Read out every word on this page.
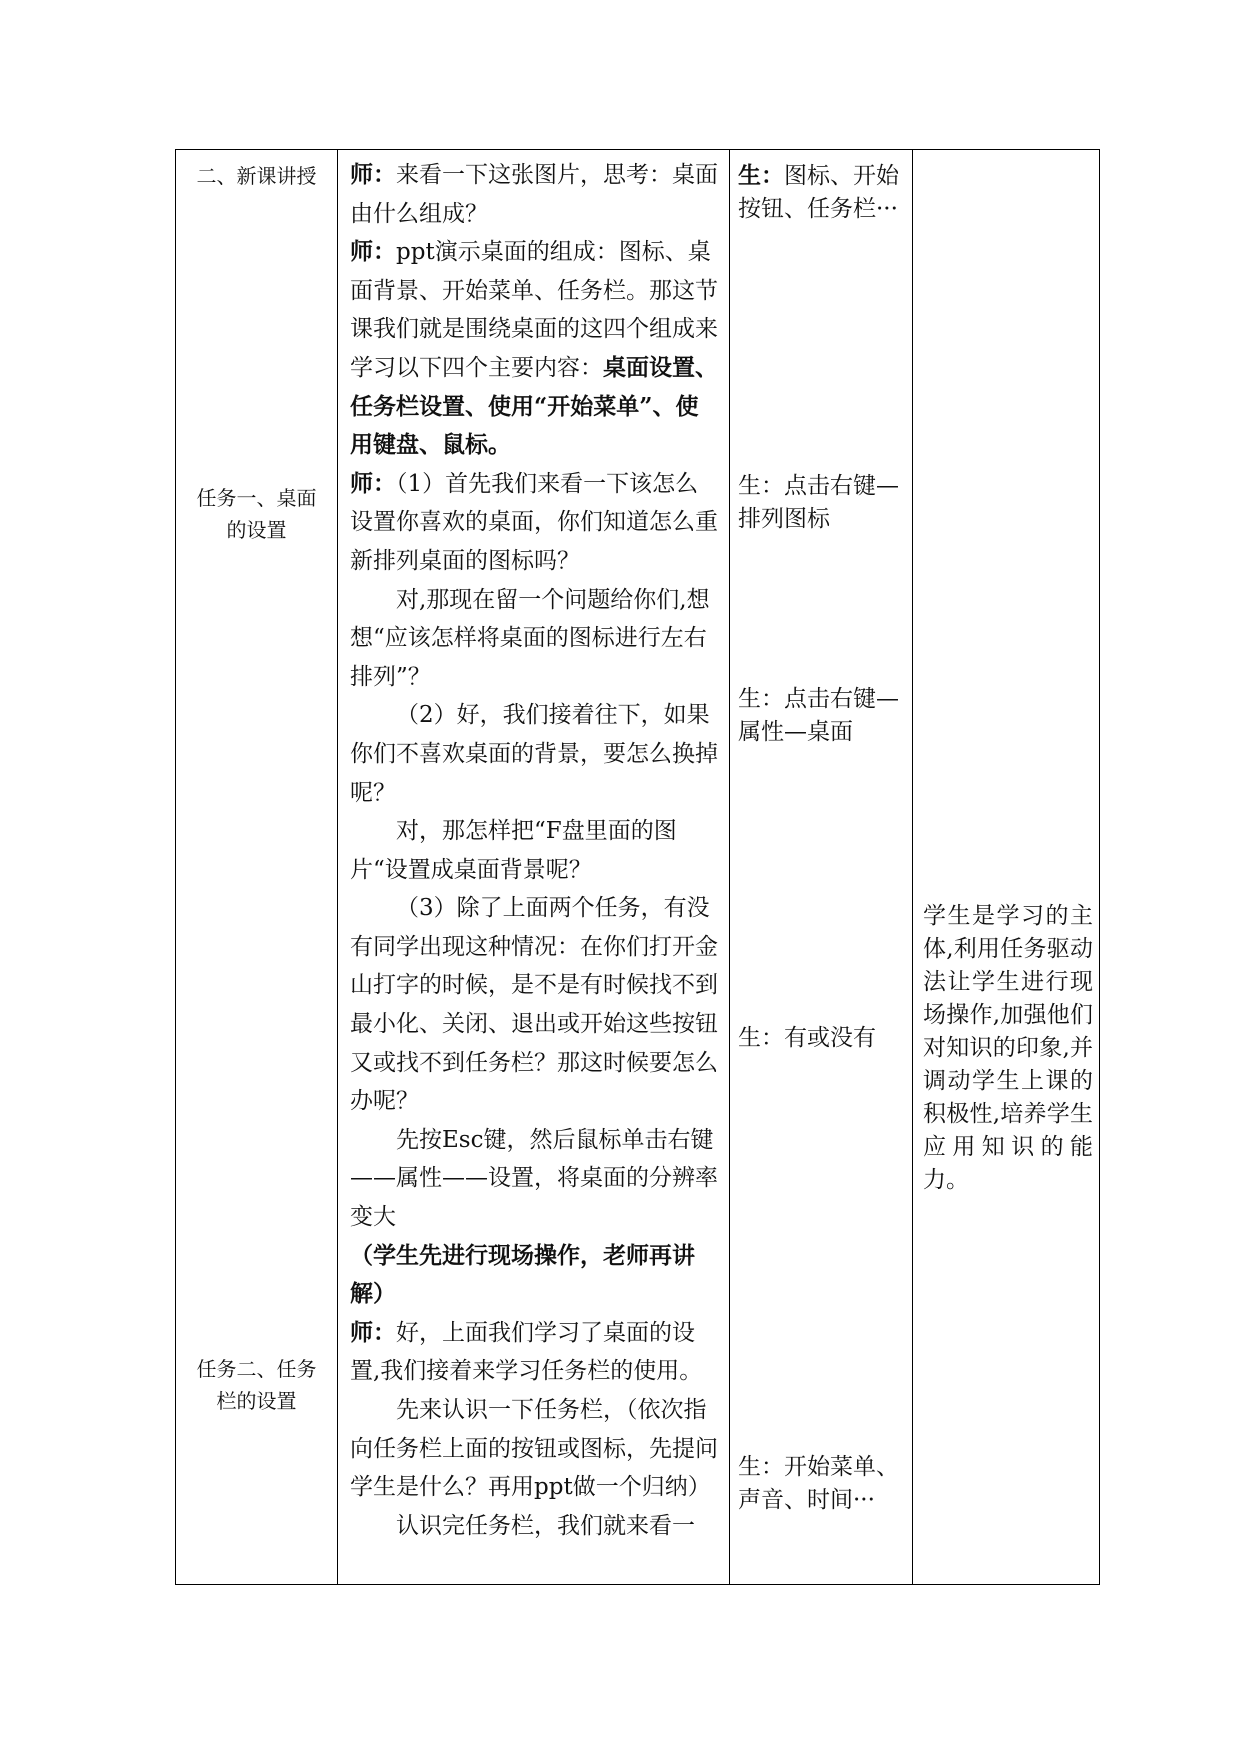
二、新课讲授
任务一、桌面的设置
任务二、任务栏的设置

师：来看一下这张图片，思考：桌面由什么组成？

师：ppt演示桌面的组成：图标、桌面背景、开始菜单、任务栏。那这节课我们就是围绕桌面的这四个组成来学习以下四个主要内容：桌面设置、任务栏设置、使用“开始菜单”、使用键盘、鼠标。

师：（1）首先我们来看一下该怎么设置你喜欢的桌面，你们知道怎么重新排列桌面的图标吗？

对,那现在留一个问题给你们,想想“应该怎样将桌面的图标进行左右排列”？

（2）好，我们接着往下，如果你们不喜欢桌面的背景，要怎么换掉呢？

对，那怎样把“F盘里面的图片“设置成桌面背景呢？

（3）除了上面两个任务，有没有同学出现这种情况：在你们打开金山打字的时候，是不是有时候找不到最小化、关闭、退出或开始这些按钮又或找不到任务栏？那这时候要怎么办呢？

先按Esc键，然后鼠标单击右键——属性——设置，将桌面的分辨率变大

（学生先进行现场操作，老师再讲解）

师：好，上面我们学习了桌面的设置,我们接着来学习任务栏的使用。

先来认识一下任务栏，（依次指向任务栏上面的按钮或图标，先提问学生是什么？再用ppt做一个归纳）

认识完任务栏，我们就来看一

生：图标、开始按钮、任务栏···
生：点击右键—排列图标
生：点击右键—属性—桌面
生：有或没有
生：开始菜单、声音、时间···
学生是学习的主体,利用任务驱动法让学生进行现场操作,加强他们对知识的印象,并调动学生上课的积极性,培养学生应用知识的能力。
